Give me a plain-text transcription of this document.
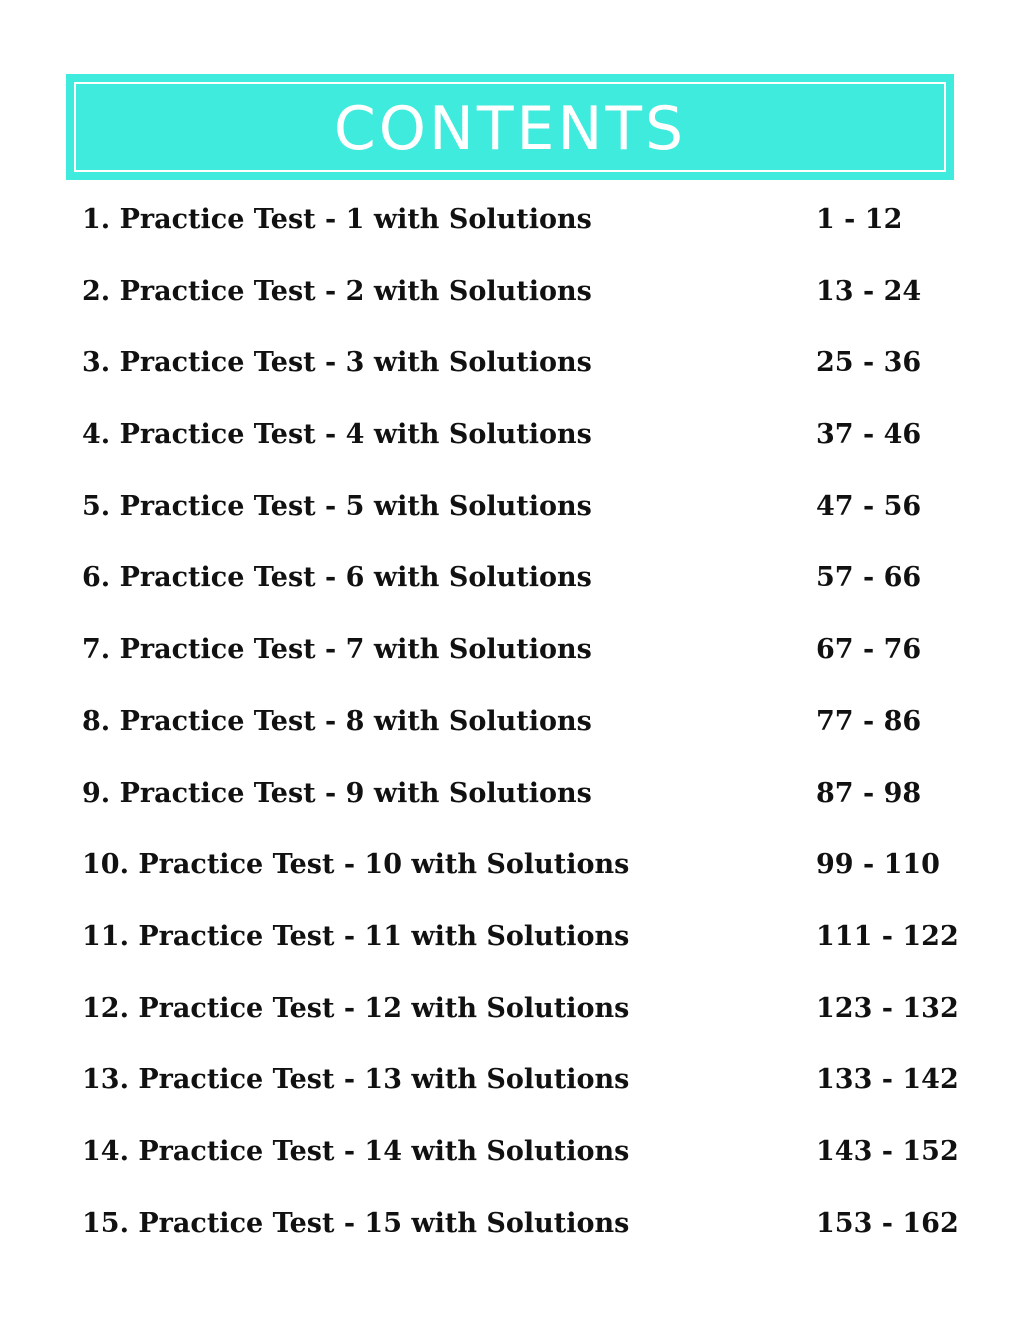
CONTENTS
1. Practice Test - 1 with Solutions	1 - 12
2. Practice Test - 2 with Solutions	13 - 24
3. Practice Test - 3 with Solutions	25 - 36
4. Practice Test - 4 with Solutions	37 - 46
5. Practice Test - 5 with Solutions	47 - 56
6. Practice Test - 6 with Solutions	57 - 66
7. Practice Test - 7 with Solutions	67 - 76
8. Practice Test - 8 with Solutions	77 - 86
9. Practice Test - 9 with Solutions	87 - 98
10. Practice Test - 10 with Solutions	99 - 110
11. Practice Test - 11 with Solutions	111 - 122
12. Practice Test - 12 with Solutions	123 - 132
13. Practice Test - 13 with Solutions	133 - 142
14. Practice Test - 14 with Solutions	143 - 152
15. Practice Test - 15 with Solutions	153 - 162
